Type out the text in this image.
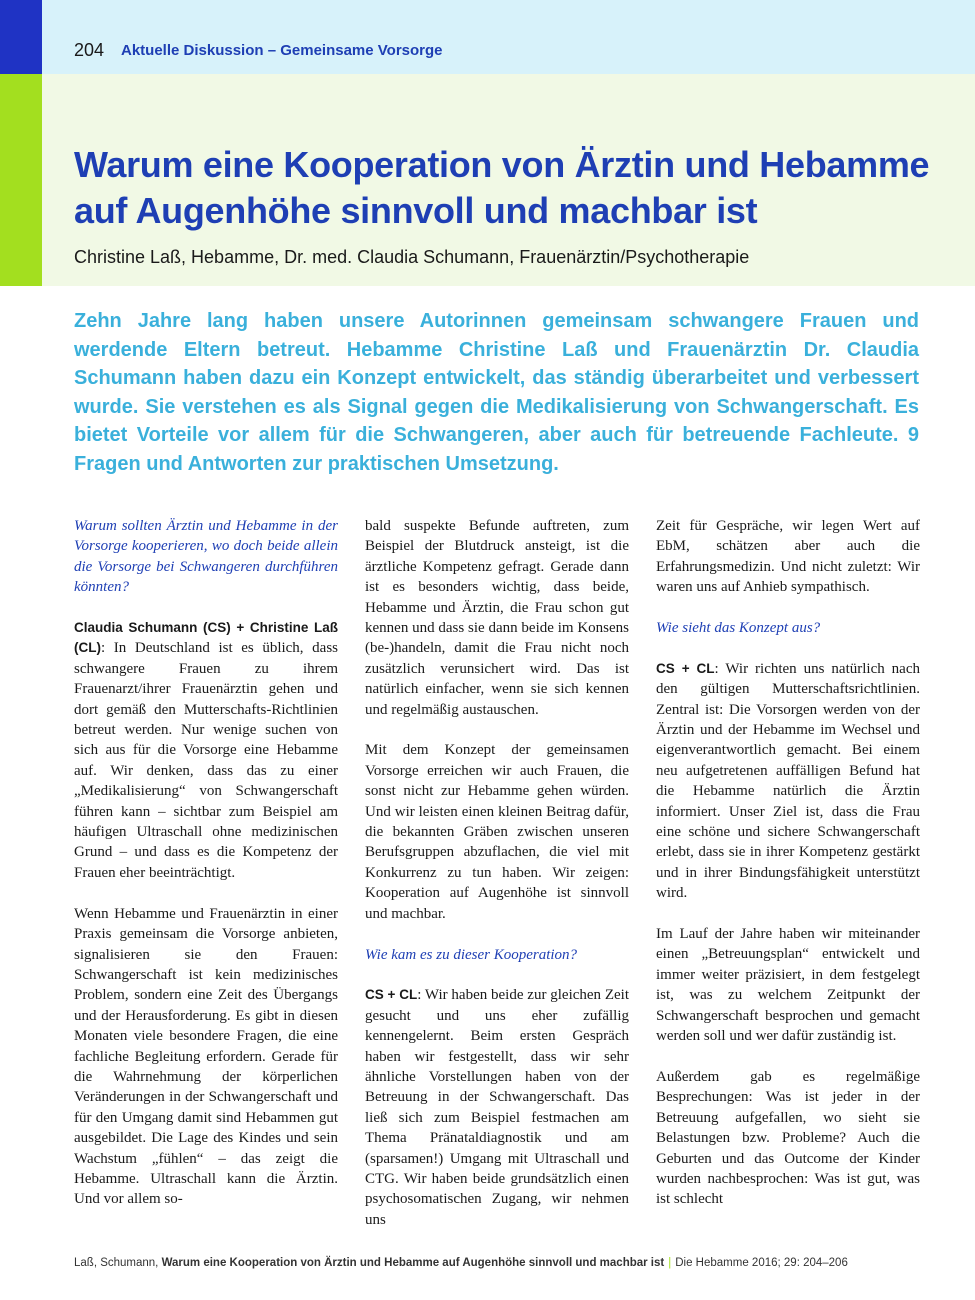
204 Aktuelle Diskussion – Gemeinsame Vorsorge
Warum eine Kooperation von Ärztin und Hebamme auf Augenhöhe sinnvoll und machbar ist
Christine Laß, Hebamme, Dr. med. Claudia Schumann, Frauenärztin/Psychotherapie

Zehn Jahre lang haben unsere Autorinnen gemeinsam schwangere Frauen und werdende Eltern betreut. Hebamme Christine Laß und Frauenärztin Dr. Claudia Schumann haben dazu ein Konzept entwickelt, das ständig überarbeitet und verbessert wurde. Sie verstehen es als Signal gegen die Medikalisierung von Schwangerschaft. Es bietet Vorteile vor allem für die Schwangeren, aber auch für betreuende Fachleute. 9 Fragen und Antworten zur praktischen Umsetzung.

Warum sollten Ärztin und Hebamme in der Vorsorge kooperieren, wo doch beide allein die Vorsorge bei Schwangeren durchführen könnten?

Claudia Schumann (CS) + Christine Laß (CL): In Deutschland ist es üblich, dass schwangere Frauen zu ihrem Frauenarzt/ihrer Frauenärztin gehen und dort gemäß den Mutterschafts-Richtlinien betreut werden. Nur wenige suchen von sich aus für die Vorsorge eine Hebamme auf. Wir denken, dass das zu einer „Medikalisierung“ von Schwangerschaft führen kann – sichtbar zum Beispiel am häufigen Ultraschall ohne medizinischen Grund – und dass es die Kompetenz der Frauen eher beeinträchtigt.

Wenn Hebamme und Frauenärztin in einer Praxis gemeinsam die Vorsorge anbieten, signalisieren sie den Frauen: Schwangerschaft ist kein medizinisches Problem, sondern eine Zeit des Übergangs und der Herausforderung. Es gibt in diesen Monaten viele besondere Fragen, die eine fachliche Begleitung erfordern. Gerade für die Wahrnehmung der körperlichen Veränderungen in der Schwangerschaft und für den Umgang damit sind Hebammen gut ausgebildet. Die Lage des Kindes und sein Wachstum „fühlen“ – das zeigt die Hebamme. Ultraschall kann die Ärztin. Und vor allem so-

bald suspekte Befunde auftreten, zum Beispiel der Blutdruck ansteigt, ist die ärztliche Kompetenz gefragt. Gerade dann ist es besonders wichtig, dass beide, Hebamme und Ärztin, die Frau schon gut kennen und dass sie dann beide im Konsens (be-)handeln, damit die Frau nicht noch zusätzlich verunsichert wird. Das ist natürlich einfacher, wenn sie sich kennen und regelmäßig austauschen.

Mit dem Konzept der gemeinsamen Vorsorge erreichen wir auch Frauen, die sonst nicht zur Hebamme gehen würden. Und wir leisten einen kleinen Beitrag dafür, die bekannten Gräben zwischen unseren Berufsgruppen abzuflachen, die viel mit Konkurrenz zu tun haben. Wir zeigen: Kooperation auf Augenhöhe ist sinnvoll und machbar.

Wie kam es zu dieser Kooperation?

CS + CL: Wir haben beide zur gleichen Zeit gesucht und uns eher zufällig kennengelernt. Beim ersten Gespräch haben wir festgestellt, dass wir sehr ähnliche Vorstellungen haben von der Betreuung in der Schwangerschaft. Das ließ sich zum Beispiel festmachen am Thema Pränataldiagnostik und am (sparsamen!) Umgang mit Ultraschall und CTG. Wir haben beide grundsätzlich einen psychosomatischen Zugang, wir nehmen uns

Zeit für Gespräche, wir legen Wert auf EbM, schätzen aber auch die Erfahrungsmedizin. Und nicht zuletzt: Wir waren uns auf Anhieb sympathisch.

Wie sieht das Konzept aus?

CS + CL: Wir richten uns natürlich nach den gültigen Mutterschaftsrichtlinien. Zentral ist: Die Vorsorgen werden von der Ärztin und der Hebamme im Wechsel und eigenverantwortlich gemacht. Bei einem neu aufgetretenen auffälligen Befund hat die Hebamme natürlich die Ärztin informiert. Unser Ziel ist, dass die Frau eine schöne und sichere Schwangerschaft erlebt, dass sie in ihrer Kompetenz gestärkt und in ihrer Bindungsfähigkeit unterstützt wird.

Im Lauf der Jahre haben wir miteinander einen „Betreuungsplan“ entwickelt und immer weiter präzisiert, in dem festgelegt ist, was zu welchem Zeitpunkt der Schwangerschaft besprochen und gemacht werden soll und wer dafür zuständig ist.

Außerdem gab es regelmäßige Besprechungen: Was ist jeder in der Betreuung aufgefallen, wo sieht sie Belastungen bzw. Probleme? Auch die Geburten und das Outcome der Kinder wurden nachbesprochen: Was ist gut, was ist schlecht

Laß, Schumann, Warum eine Kooperation von Ärztin und Hebamme auf Augenhöhe sinnvoll und machbar ist | Die Hebamme 2016; 29: 204–206
